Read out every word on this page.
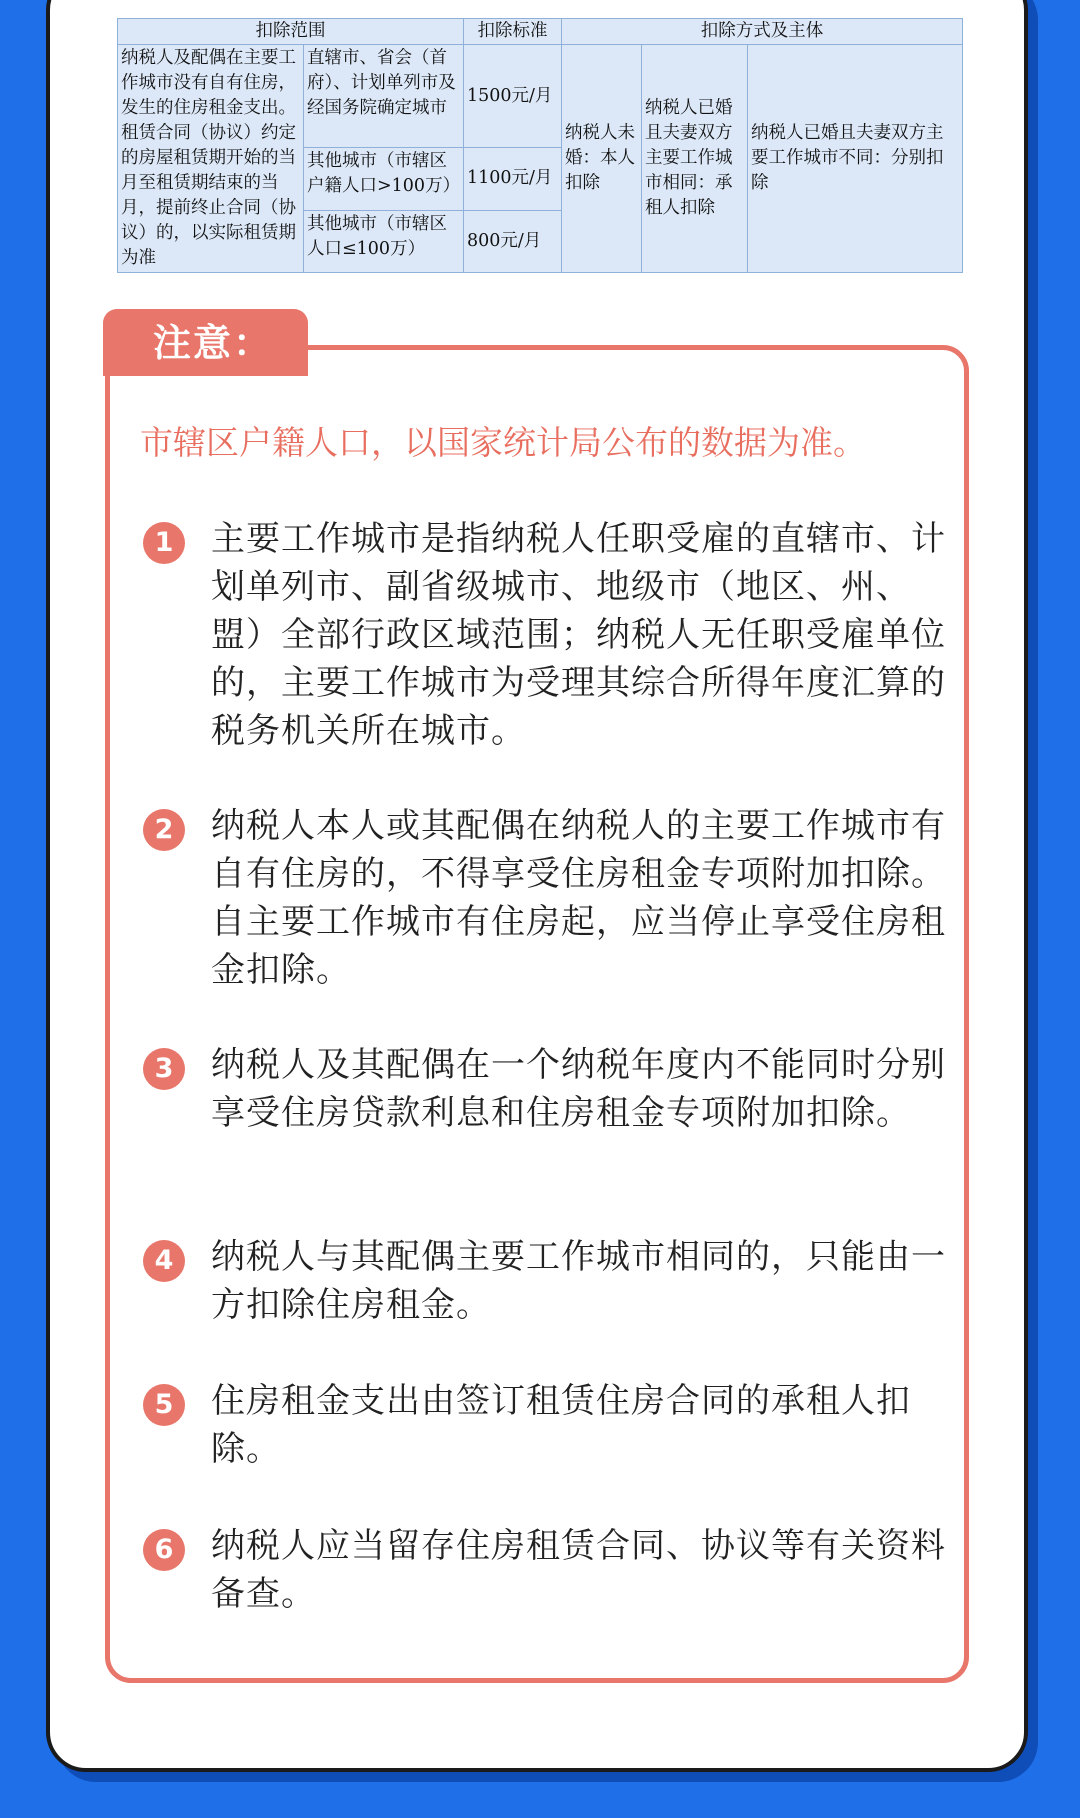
扣除范围		扣除标准	扣除方式及主体		
纳税人及配偶在主要工作城市没有自有住房，发生的住房租金支出。租赁合同（协议）约定的房屋租赁期开始的当月至租赁期结束的当月，提前终止合同（协议）的，以实际租赁期为准	直辖市、省会（首府）、计划单列市及经国务院确定城市	1500元/月	纳税人未婚：本人扣除	纳税人已婚且夫妻双方主要工作城市相同：承租人扣除	纳税人已婚且夫妻双方主要工作城市不同：分别扣除
	其他城市（市辖区户籍人口>100万）	1100元/月			
	其他城市（市辖区人口≤100万）	800元/月			
注意：
市辖区户籍人口，以国家统计局公布的数据为准。
1	主要工作城市是指纳税人任职受雇的直辖市、计划单列市、副省级城市、地级市（地区、州、盟）全部行政区域范围；纳税人无任职受雇单位的，主要工作城市为受理其综合所得年度汇算的税务机关所在城市。
2	纳税人本人或其配偶在纳税人的主要工作城市有自有住房的，不得享受住房租金专项附加扣除。自主要工作城市有住房起，应当停止享受住房租金扣除。
3	纳税人及其配偶在一个纳税年度内不能同时分别享受住房贷款利息和住房租金专项附加扣除。
4	纳税人与其配偶主要工作城市相同的，只能由一方扣除住房租金。
5	住房租金支出由签订租赁住房合同的承租人扣除。
6	纳税人应当留存住房租赁合同、协议等有关资料备查。
